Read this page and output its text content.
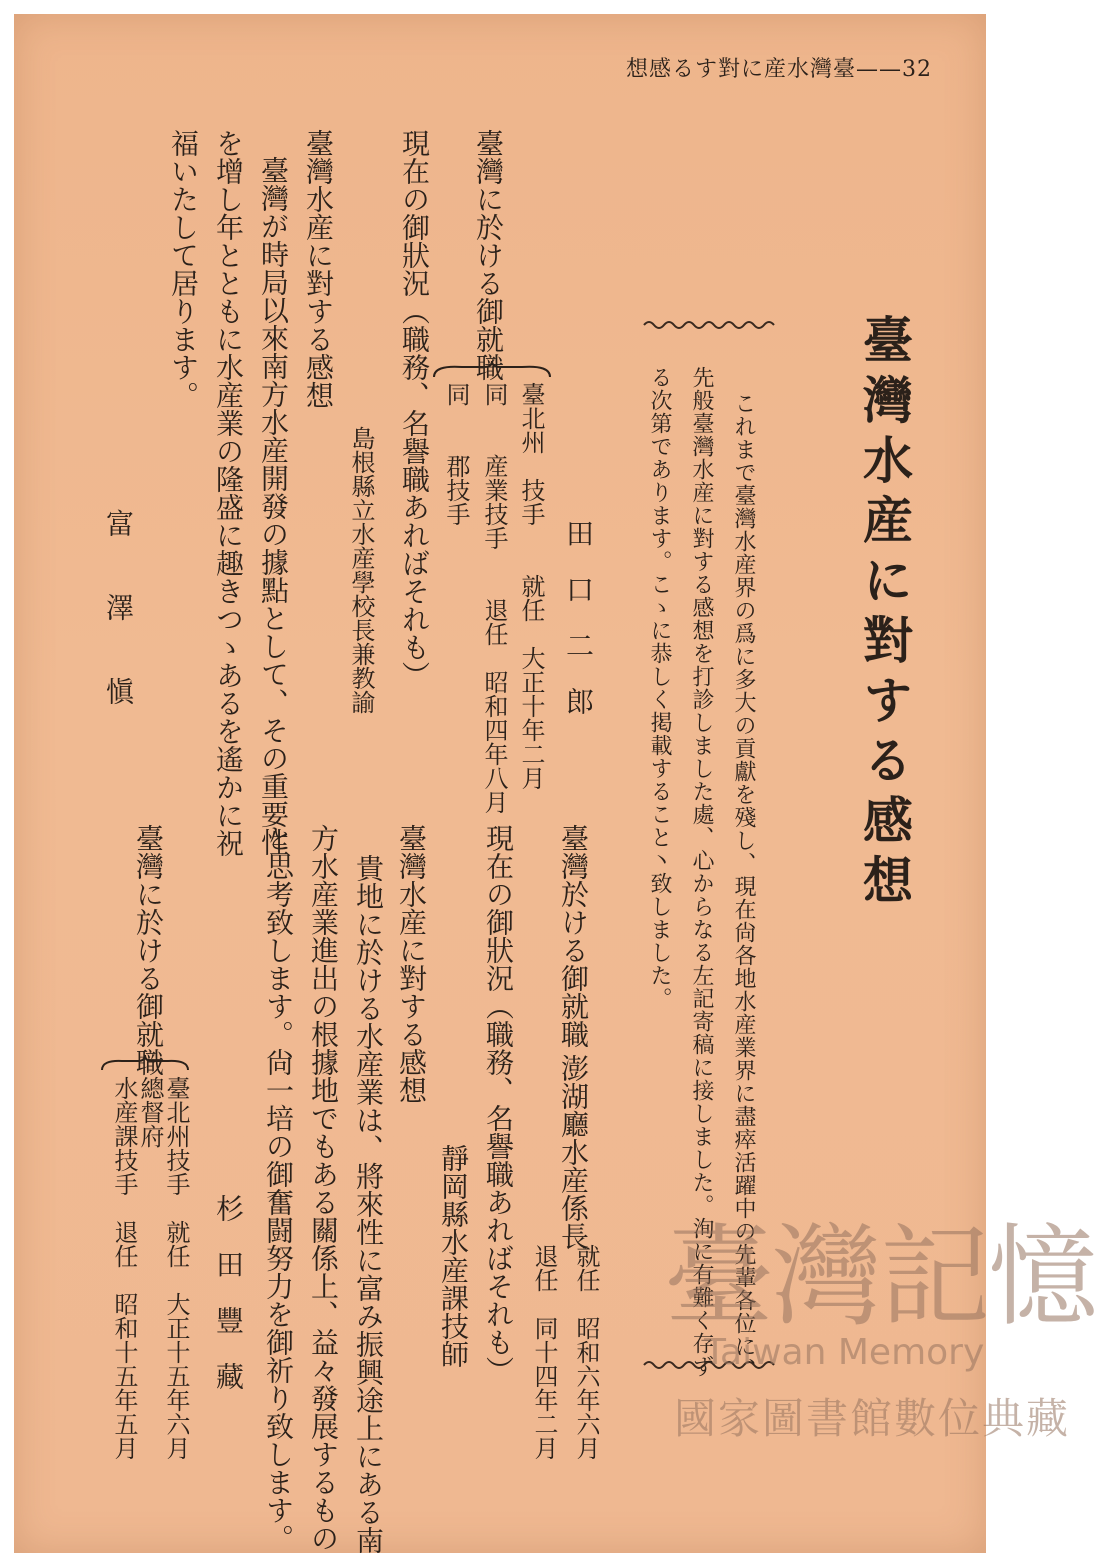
想感るす對に産水灣臺——32
臺灣水産に對する感想
これまで臺灣水産界の爲に多大の貢獻を殘し、現在尙各地水産業界に盡瘁活躍中の先輩各位に、
先般臺灣水産に對する感想を打診しました處、心からなる左記寄稿に接しました。洵に有難く存ず
る次第であります。こゝに恭しく掲載すること丶致しました。
田　口　二　郎
臺灣に於ける御就職
臺北州　技手　　就任　大正十年二月
同　　産業技手　　退任　昭和四年八月
同　　郡技手
現在の御狀況（職務、名譽職あればそれも）
島根縣立水産學校長兼教諭
臺灣水産に對する感想
臺灣が時局以來南方水産開發の據點として、その重要性
を增し年とともに水産業の隆盛に趣きつゝあるを遙かに祝
福いたして居ります。
富　　澤　　愼
臺灣於ける御就職
澎湖廳水産係長
就任　昭和六年六月
退任　同十四年二月
現在の御狀況（職務、名譽職あればそれも）
靜岡縣水産課技師
臺灣水産に對する感想
貴地に於ける水産業は、將來性に富み振興途上にある南
方水産業進出の根據地でもある關係上、益々發展するもの
と思考致します。尙一培の御奮闘努力を御祈り致します。
杉　田　豐　藏
臺灣に於ける御就職
臺北州技手　就任　大正十五年六月
總督府
水産課技手　退任　昭和十五年五月	臺灣記憶
Taiwan Memory
國家圖書館數位典藏
